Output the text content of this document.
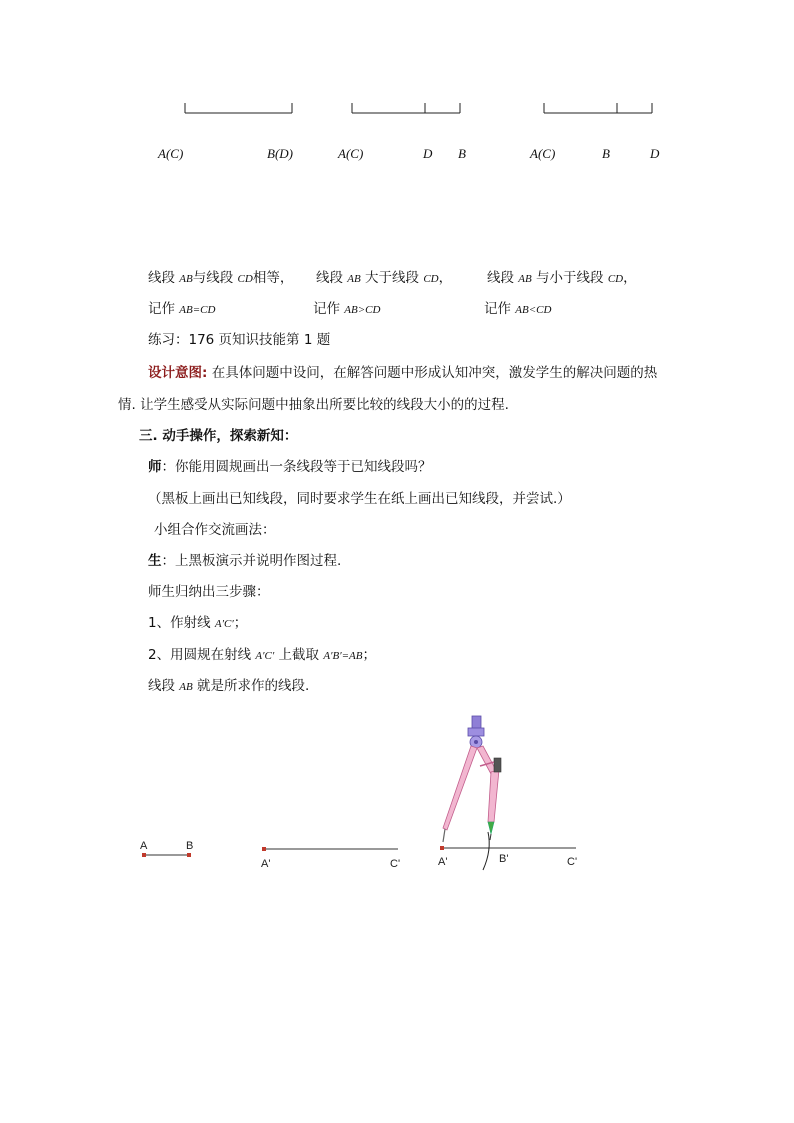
A(C)	B(D)	A(C)	D B	A(C)	B	D
线段 AB与线段 CD相等， 线段 AB 大于线段 CD，	线段 AB 与小于线段 CD，
记作 AB=CD	记作 AB>CD	记作 AB<CD
练习：176 页知识技能第 1 题
设计意图: 在具体问题中设问，在解答问题中形成认知冲突，激发学生的解决问题的热
情. 让学生感受从实际问题中抽象出所要比较的线段大小的的过程.
三. 动手操作，探索新知：
师：你能用圆规画出一条线段等于已知线段吗？
（黑板上画出已知线段，同时要求学生在纸上画出已知线段，并尝试.）
小组合作交流画法：
生：上黑板演示并说明作图过程.
师生归纳出三步骤：
1、作射线 A′C′；
2、用圆规在射线 A′C′ 上截取 A′B′=AB；
线段 AB 就是所求作的线段.
A	B
A'	C'	A'	B'	C'
